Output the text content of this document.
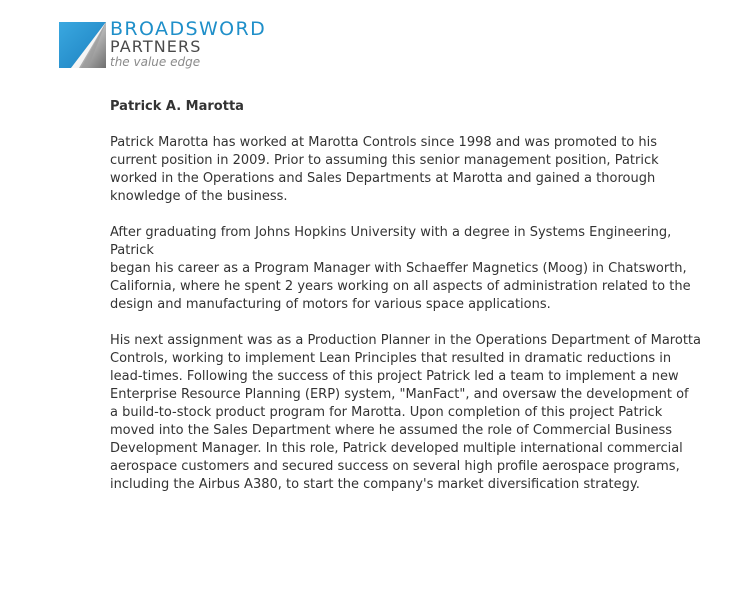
BROADSWORD
PARTNERS
the value edge
Patrick A. Marotta
Patrick Marotta has worked at Marotta Controls since 1998 and was promoted to his
current position in 2009. Prior to assuming this senior management position, Patrick
worked in the Operations and Sales Departments at Marotta and gained a thorough
knowledge of the business.
After graduating from Johns Hopkins University with a degree in Systems Engineering,
Patrick
began his career as a Program Manager with Schaeffer Magnetics (Moog) in Chatsworth,
California, where he spent 2 years working on all aspects of administration related to the
design and manufacturing of motors for various space applications.
His next assignment was as a Production Planner in the Operations Department of Marotta
Controls, working to implement Lean Principles that resulted in dramatic reductions in
lead-times. Following the success of this project Patrick led a team to implement a new
Enterprise Resource Planning (ERP) system, "ManFact", and oversaw the development of
a build-to-stock product program for Marotta. Upon completion of this project Patrick
moved into the Sales Department where he assumed the role of Commercial Business
Development Manager. In this role, Patrick developed multiple international commercial
aerospace customers and secured success on several high profile aerospace programs,
including the Airbus A380, to start the company's market diversification strategy.
